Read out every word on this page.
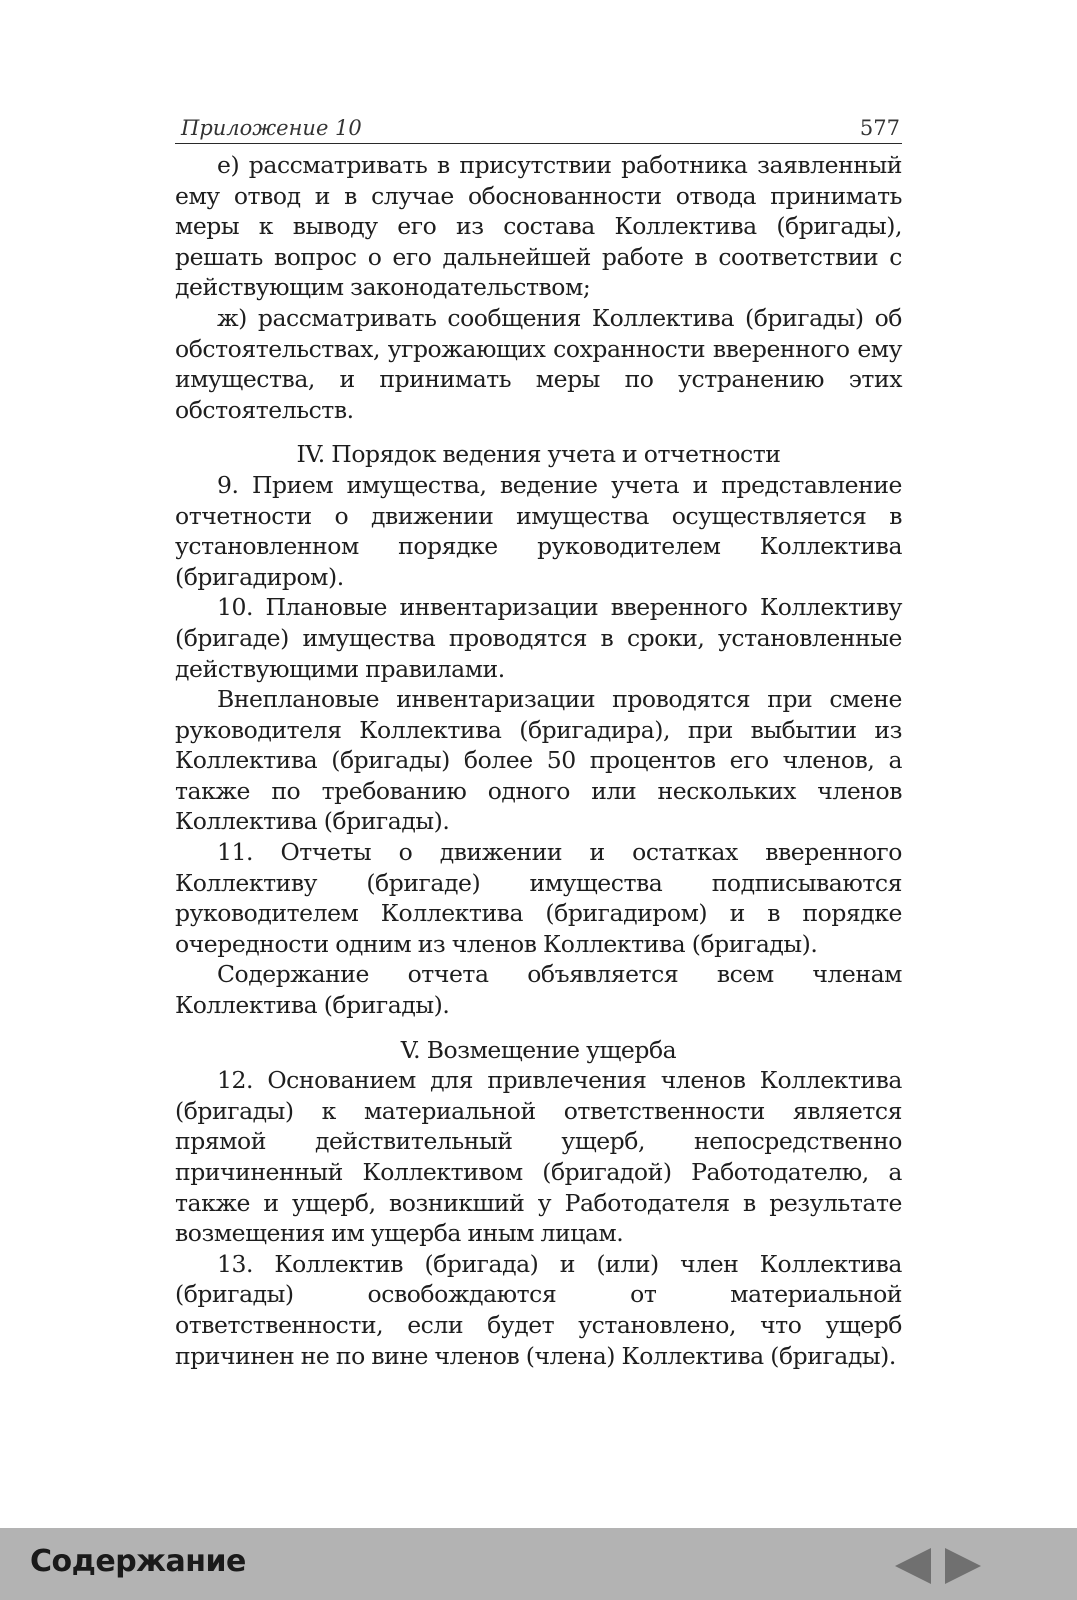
Приложение 10	577

е) рассматривать в присутствии работника заявленный ему отвод и в случае обоснованности отвода принимать меры к выводу его из состава Коллектива (бригады), решать вопрос о его дальнейшей работе в соответствии с действующим законодательством;

ж) рассматривать сообщения Коллектива (бригады) об обстоятельствах, угрожающих сохранности вверенного ему имущества, и принимать меры по устранению этих обстоятельств.

IV. Порядок ведения учета и отчетности

9. Прием имущества, ведение учета и представление отчетности о движении имущества осуществляется в установленном порядке руководителем Коллектива (бригадиром).

10. Плановые инвентаризации вверенного Коллективу (бригаде) имущества проводятся в сроки, установленные действующими правилами.

Внеплановые инвентаризации проводятся при смене руководителя Коллектива (бригадира), при выбытии из Коллектива (бригады) более 50 процентов его членов, а также по требованию одного или нескольких членов Коллектива (бригады).

11. Отчеты о движении и остатках вверенного Коллективу (бригаде) имущества подписываются руководителем Коллектива (бригадиром) и в порядке очередности одним из членов Коллектива (бригады).

Содержание отчета объявляется всем членам Коллектива (бригады).

V. Возмещение ущерба

12. Основанием для привлечения членов Коллектива (бригады) к материальной ответственности является прямой действительный ущерб, непосредственно причиненный Коллективом (бригадой) Работодателю, а также и ущерб, возникший у Работодателя в результате возмещения им ущерба иным лицам.

13. Коллектив (бригада) и (или) член Коллектива (бригады) освобождаются от материальной ответственности, если будет установлено, что ущерб причинен не по вине членов (члена) Коллектива (бригады).

Содержание
